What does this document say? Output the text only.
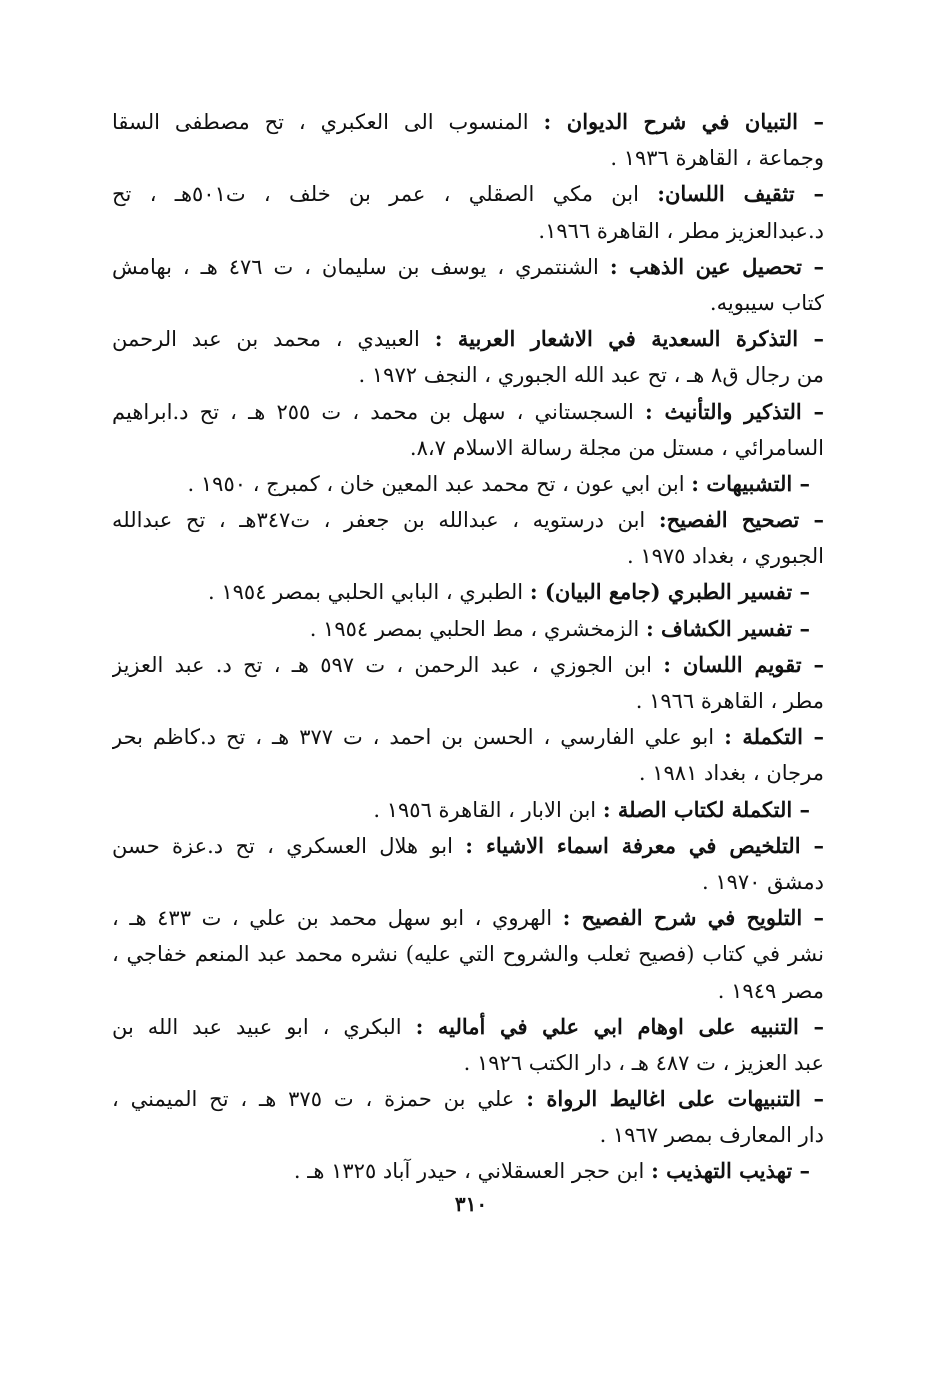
– التبيان في شرح الديوان : المنسوب الى العكبري ، تح مصطفى السقا
وجماعة ، القاهرة ١٩٣٦ .
– تثقيف اللسان: ابن مكي الصقلي ، عمر بن خلف ، ت٥٠١هـ ، تح
د.عبدالعزيز مطر ، القاهرة ١٩٦٦.
– تحصيل عين الذهب : الشنتمري ، يوسف بن سليمان ، ت ٤٧٦ هـ ، بهامش
كتاب سيبويه.
– التذكرة السعدية في الاشعار العربية : العبيدي ، محمد بن عبد الرحمن
من رجال ق٨ هـ ، تح عبد الله الجبوري ، النجف ١٩٧٢ .
– التذكير والتأنيث : السجستاني ، سهل بن محمد ، ت ٢٥٥ هـ ، تح د.ابراهيم
السامرائي ، مستل من مجلة رسالة الاسلام ٨،٧.
– التشبيهات : ابن ابي عون ، تح محمد عبد المعين خان ، كمبرج ، ١٩٥٠ .
– تصحيح الفصيح: ابن درستويه ، عبدالله بن جعفر ، ت٣٤٧هـ ، تح عبدالله
الجبوري ، بغداد ١٩٧٥ .
– تفسير الطبري (جامع البيان) : الطبري ، البابي الحلبي بمصر ١٩٥٤ .
– تفسير الكشاف : الزمخشري ، مط الحلبي بمصر ١٩٥٤ .
– تقويم اللسان : ابن الجوزي ، عبد الرحمن ، ت ٥٩٧ هـ ، تح د. عبد العزيز
مطر ، القاهرة ١٩٦٦ .
– التكملة : ابو علي الفارسي ، الحسن بن احمد ، ت ٣٧٧ هـ ، تح د.كاظم بحر
مرجان ، بغداد ١٩٨١ .
– التكملة لكتاب الصلة : ابن الابار ، القاهرة ١٩٥٦ .
– التلخيص في معرفة اسماء الاشياء : ابو هلال العسكري ، تح د.عزة حسن
دمشق ١٩٧٠ .
– التلويح في شرح الفصيح : الهروي ، ابو سهل محمد بن علي ، ت ٤٣٣ هـ ،
نشر في كتاب (فصيح ثعلب والشروح التي عليه) نشره محمد عبد المنعم خفاجي ،
مصر ١٩٤٩ .
– التنبيه على اوهام ابي علي في أماليه : البكري ، ابو عبيد عبد الله بن
عبد العزيز ، ت ٤٨٧ هـ ، دار الكتب ١٩٢٦ .
– التنبيهات على اغاليط الرواة : علي بن حمزة ، ت ٣٧٥ هـ ، تح الميمني ،
دار المعارف بمصر ١٩٦٧ .
– تهذيب التهذيب : ابن حجر العسقلاني ، حيدر آباد ١٣٢٥ هـ .
٣١٠
